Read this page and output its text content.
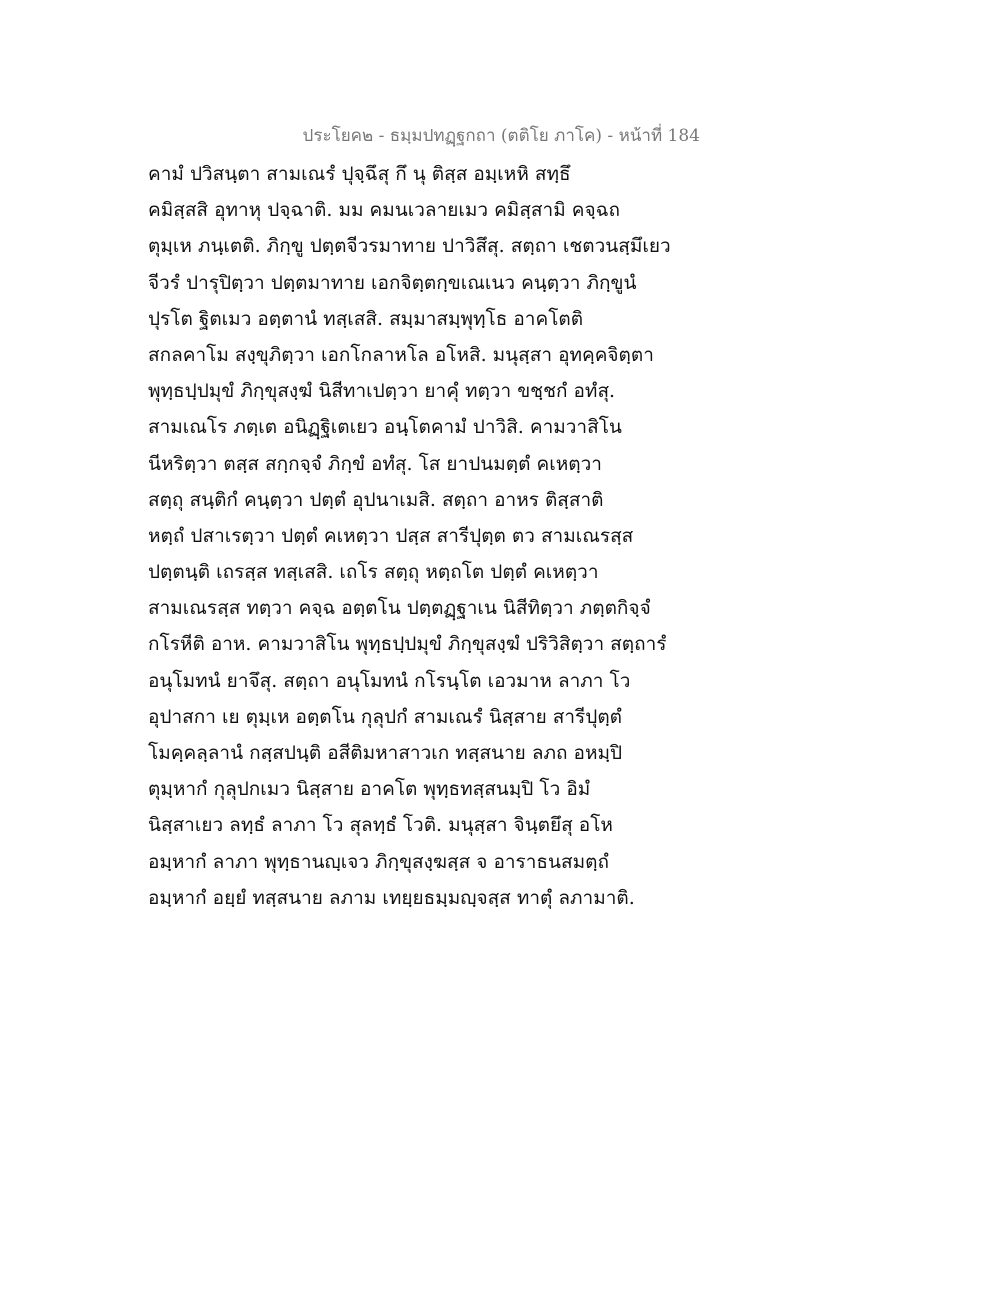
ประโยค๒ - ธมฺมปทฏฺฐกถา (ตติโย ภาโค) - หน้าที่ 184
คามํ ปวิสนฺตา สามเณรํ ปุจฺฉึสุ กึ นุ ติสฺส อมฺเหหิ สทฺธึ
คมิสฺสสิ อุทาหุ ปจฺฉาติ. มม คมนเวลายเมว คมิสฺสามิ คจฺฉถ
ตุมฺเห ภนฺเตติ. ภิกฺขู ปตฺตจีวรมาทาย ปาวิสึสุ. สตฺถา เชตวนสฺมึเยว
จีวรํ ปารุปิตฺวา ปตฺตมาทาย เอกจิตฺตกฺขเณเนว คนฺตฺวา ภิกฺขูนํ
ปุรโต ฐิตเมว อตฺตานํ ทสฺเสสิ. สมฺมาสมฺพุทฺโธ อาคโตติ
สกลคาโม สงฺขุภิตฺวา เอกโกลาหโล อโหสิ. มนุสฺสา อุทคฺคจิตฺตา
พุทฺธปฺปมุขํ ภิกฺขุสงฺฆํ นิสีทาเปตฺวา ยาคุํ ทตฺวา ขชฺชกํ อทํสุ.
สามเณโร ภตฺเต อนิฏฺฐิเตเยว อนฺโตคามํ ปาวิสิ. คามวาสิโน
นีหริตฺวา ตสฺส สกฺกจฺจํ ภิกฺขํ อทํสุ. โส ยาปนมตฺตํ คเหตฺวา
สตฺถุ สนฺติกํ คนฺตฺวา ปตฺตํ อุปนาเมสิ. สตฺถา อาหร ติสฺสาติ
หตฺถํ ปสาเรตฺวา ปตฺตํ คเหตฺวา ปสฺส สารีปุตฺต ตว สามเณรสฺส
ปตฺตนฺติ เถรสฺส ทสฺเสสิ. เถโร สตฺถุ หตฺถโต ปตฺตํ คเหตฺวา
สามเณรสฺส ทตฺวา คจฺฉ อตฺตโน ปตฺตฏฺฐาเน นิสีทิตฺวา ภตฺตกิจฺจํ
กโรหีติ อาห. คามวาสิโน พุทฺธปฺปมุขํ ภิกฺขุสงฺฆํ ปริวิสิตฺวา สตฺถารํ
อนุโมทนํ ยาจึสุ. สตฺถา อนุโมทนํ กโรนฺโต เอวมาห ลาภา โว
อุปาสกา เย ตุมฺเห อตฺตโน กุลุปกํ สามเณรํ นิสฺสาย สารีปุตฺตํ
โมคฺคลฺลานํ กสฺสปนฺติ อสีติมหาสาวเก ทสฺสนาย ลภถ อหมฺปิ
ตุมฺหากํ กุลุปกเมว นิสฺสาย อาคโต พุทฺธทสฺสนมฺปิ โว อิมํ
นิสฺสาเยว ลทฺธํ ลาภา โว สุลทฺธํ โวติ. มนุสฺสา จินฺตยึสุ อโห
อมฺหากํ ลาภา พุทฺธานญฺเจว ภิกฺขุสงฺฆสฺส จ อาราธนสมตฺถํ
อมฺหากํ อยฺยํ ทสฺสนาย ลภาม เทยฺยธมฺมญฺจสฺส ทาตุํ ลภามาติ.
